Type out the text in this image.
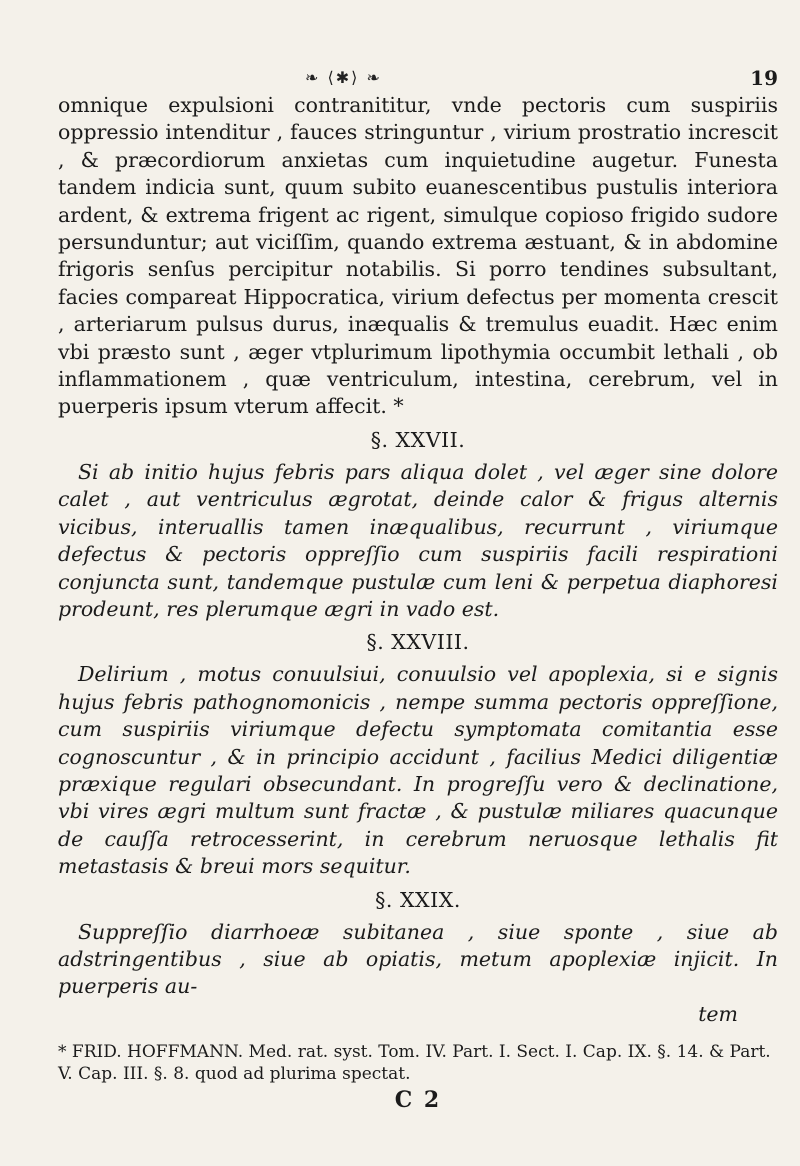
❧ ⟨✱⟩ ❧	19

omnique expulsioni contranititur, vnde pectoris cum suspiriis oppressio intenditur , fauces stringuntur , virium prostratio increscit , & præcordiorum anxietas cum inquietudine augetur. Funesta tandem indicia sunt, quum subito euanescentibus pustulis interiora ardent, & extrema frigent ac rigent, simulque copioso frigido sudore persunduntur; aut viciſſim, quando extrema æstuant, & in abdomine frigoris senſus percipitur notabilis. Si porro tendines subsultant, facies compareat Hippocratica, virium defectus per momenta crescit , arteriarum pulsus durus, inæqualis & tremulus euadit. Hæc enim vbi præsto sunt , æger vtplurimum lipothymia occumbit lethali , ob inflammationem , quæ ventriculum, intestina, cerebrum, vel in puerperis ipsum vterum affecit. *

§. XXVII.

Si ab initio hujus febris pars aliqua dolet , vel æger sine dolore calet , aut ventriculus ægrotat, deinde calor & frigus alternis vicibus, interuallis tamen inæqualibus, recurrunt , viriumque defectus & pectoris oppreſſio cum suspiriis facili respirationi conjuncta sunt, tandemque pustulæ cum leni & perpetua diaphoresi prodeunt, res plerumque ægri in vado est.

§. XXVIII.

Delirium , motus conuulsiui, conuulsio vel apoplexia, si e signis hujus febris pathognomonicis , nempe summa pectoris oppreſſione, cum suspiriis viriumque defectu symptomata comitantia esse cognoscuntur , & in principio accidunt , facilius Medici diligentiæ præxique regulari obsecundant. In progreſſu vero & declinatione, vbi vires ægri multum sunt fractæ , & pustulæ miliares quacunque de cauſſa retrocesserint, in cerebrum neruosque lethalis fit metastasis & breui mors sequitur.

§. XXIX.

Suppreſſio diarrhoeæ subitanea , siue sponte , siue ab adstringentibus , siue ab opiatis, metum apoplexiæ injicit. In puerperis au-

tem

* FRID. HOFFMANN. Med. rat. syst. Tom. IV. Part. I. Sect. I. Cap. IX. §. 14. & Part. V. Cap. III. §. 8. quod ad plurima spectat.

C 2
